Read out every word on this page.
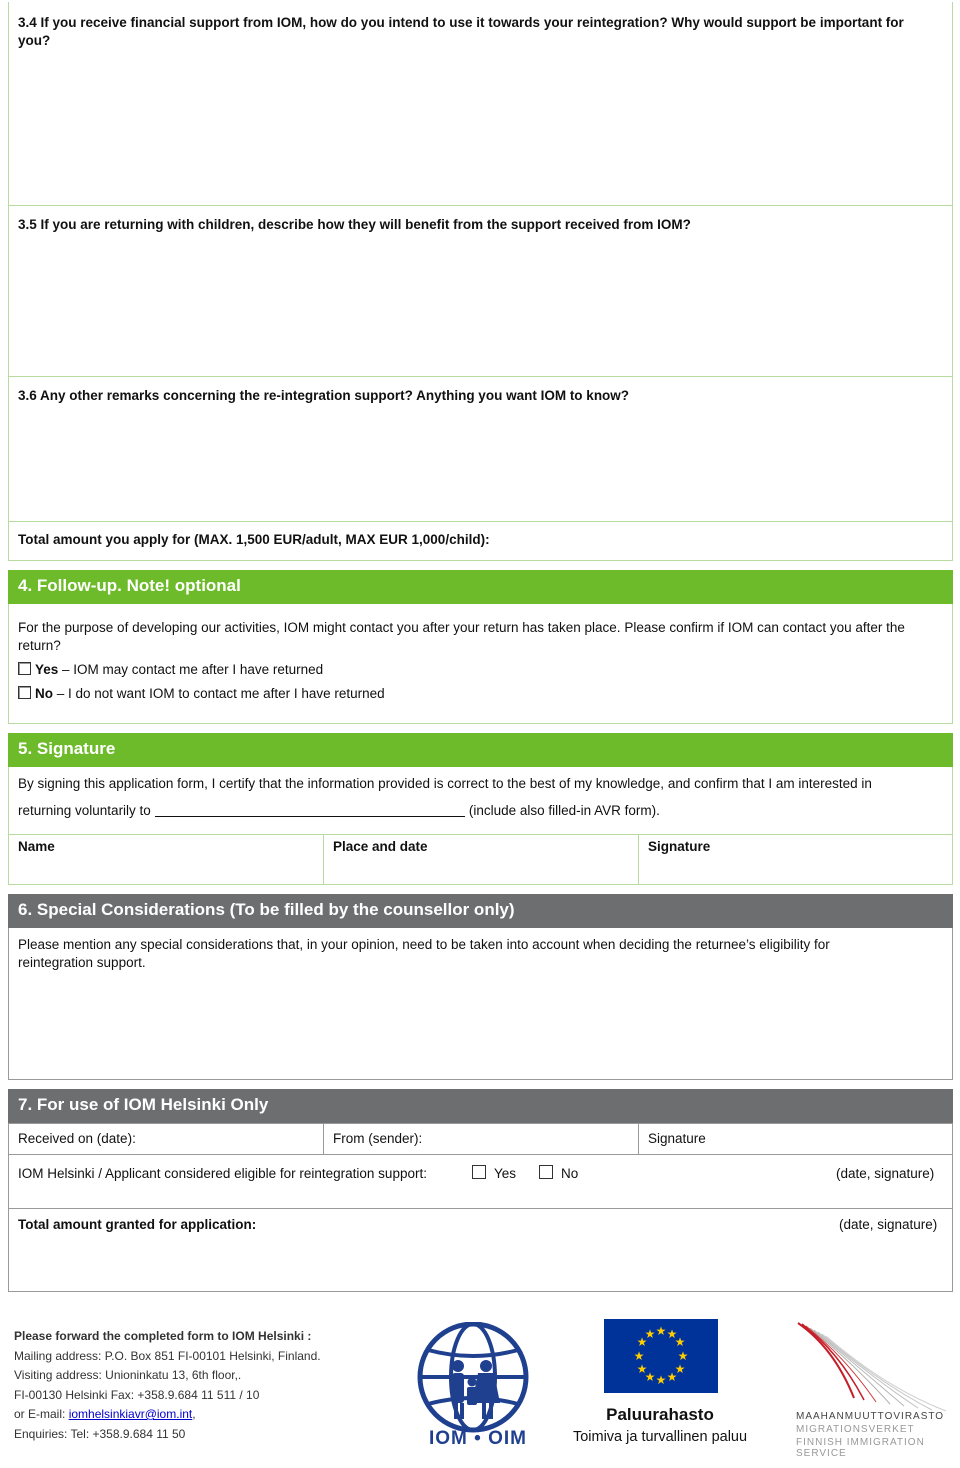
3.4 If you receive financial support from IOM, how do you intend to use it towards your reintegration? Why would support be important for you?
3.5 If you are returning with children, describe how they will benefit from the support received from IOM?
3.6 Any other remarks concerning the re-integration support? Anything you want IOM to know?
Total amount you apply for (MAX. 1,500 EUR/adult, MAX EUR 1,000/child):
4. Follow-up. Note! optional
For the purpose of developing our activities, IOM might contact you after your return has taken place. Please confirm if IOM can contact you after the return?
Yes – IOM may contact me after I have returned
No – I do not want IOM to contact me after I have returned
5. Signature
By signing this application form, I certify that the information provided is correct to the best of my knowledge, and confirm that I am interested in
returning voluntarily to	(include also filled-in AVR form).
Name	Place and date	Signature
6. Special Considerations (To be filled by the counsellor only)
Please mention any special considerations that, in your opinion, need to be taken into account when deciding the returnee’s eligibility for reintegration support.
7. For use of IOM Helsinki Only
Received on (date):	From (sender):	Signature
IOM Helsinki / Applicant considered eligible for reintegration support:	Yes	No	(date, signature)
Total amount granted for application:	(date, signature)
Please forward the completed form to IOM Helsinki :
Mailing address: P.O. Box 851 FI-00101 Helsinki, Finland.
Visiting address: Unioninkatu 13, 6th floor,.
FI-00130 Helsinki Fax: +358.9.684 11 511 / 10
or E-mail: iomhelsinkiavr@iom.int,
Enquiries: Tel: +358.9.684 11 50	IOM • OIM
★ ★
★
★
★
★
★
★
★
★
★
★
Paluurahasto
Toimiva ja turvallinen paluu
MAAHANMUUTTOVIRASTO
MIGRATIONSVERKET
FINNISH IMMIGRATION SERVICE
